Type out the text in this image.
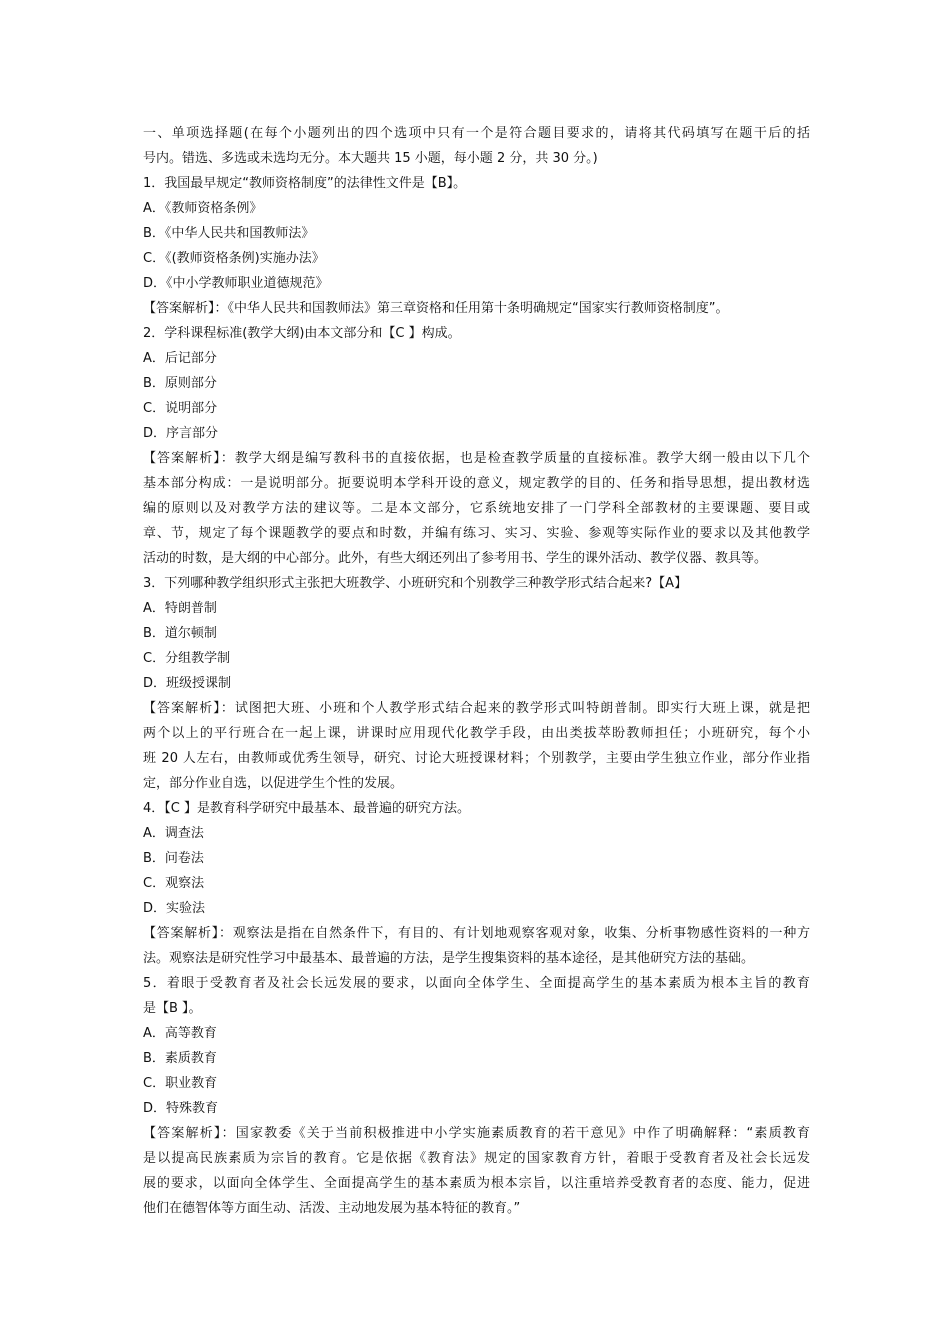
一、单项选择题(在每个小题列出的四个选项中只有一个是符合题目要求的，请将其代码填写在题干后的括
号内。错选、多选或未选均无分。本大题共 15 小题，每小题 2 分，共 30 分。)
1．我国最早规定“教师资格制度”的法律性文件是【B】。
A．《教师资格条例》
B．《中华人民共和国教师法》
C．《(教师资格条例)实施办法》
D．《中小学教师职业道德规范》
【答案解析】：《中华人民共和国教师法》第三章资格和任用第十条明确规定“国家实行教师资格制度”。
2．学科课程标准(教学大纲)由本文部分和【C 】构成。
A．后记部分
B．原则部分
C．说明部分
D．序言部分
【答案解析】：教学大纲是编写教科书的直接依据，也是检查教学质量的直接标准。教学大纲一般由以下几个
基本部分构成：一是说明部分。扼要说明本学科开设的意义，规定教学的目的、任务和指导思想，提出教材选
编的原则以及对教学方法的建议等。二是本文部分，它系统地安排了一门学科全部教材的主要课题、要目或
章、节，规定了每个课题教学的要点和时数，并编有练习、实习、实验、参观等实际作业的要求以及其他教学
活动的时数，是大纲的中心部分。此外，有些大纲还列出了参考用书、学生的课外活动、教学仪器、教具等。
3．下列哪种教学组织形式主张把大班教学、小班研究和个别教学三种教学形式结合起来?【A】
A．特朗普制
B．道尔顿制
C．分组教学制
D．班级授课制
【答案解析】：试图把大班、小班和个人教学形式结合起来的教学形式叫特朗普制。即实行大班上课，就是把
两个以上的平行班合在一起上课，讲课时应用现代化教学手段，由出类拔萃盼教师担任；小班研究，每个小
班 20 人左右，由教师或优秀生领导，研究、讨论大班授课材料；个别教学，主要由学生独立作业，部分作业指
定，部分作业自选，以促进学生个性的发展。
4．【C 】是教育科学研究中最基本、最普遍的研究方法。
A．调查法
B．问卷法
C．观察法
D．实验法
【答案解析】：观察法是指在自然条件下，有目的、有计划地观察客观对象，收集、分析事物感性资料的一种方
法。观察法是研究性学习中最基本、最普遍的方法，是学生搜集资料的基本途径，是其他研究方法的基础。
5．着眼于受教育者及社会长远发展的要求，以面向全体学生、全面提高学生的基本素质为根本主旨的教育
是【B 】。
A．高等教育
B．素质教育
C．职业教育
D．特殊教育
【答案解析】：国家教委《关于当前积极推进中小学实施素质教育的若干意见》中作了明确解释：“素质教育
是以提高民族素质为宗旨的教育。它是依据《教育法》规定的国家教育方针，着眼于受教育者及社会长远发
展的要求，以面向全体学生、全面提高学生的基本素质为根本宗旨，以注重培养受教育者的态度、能力，促进
他们在德智体等方面生动、活泼、主动地发展为基本特征的教育。”
